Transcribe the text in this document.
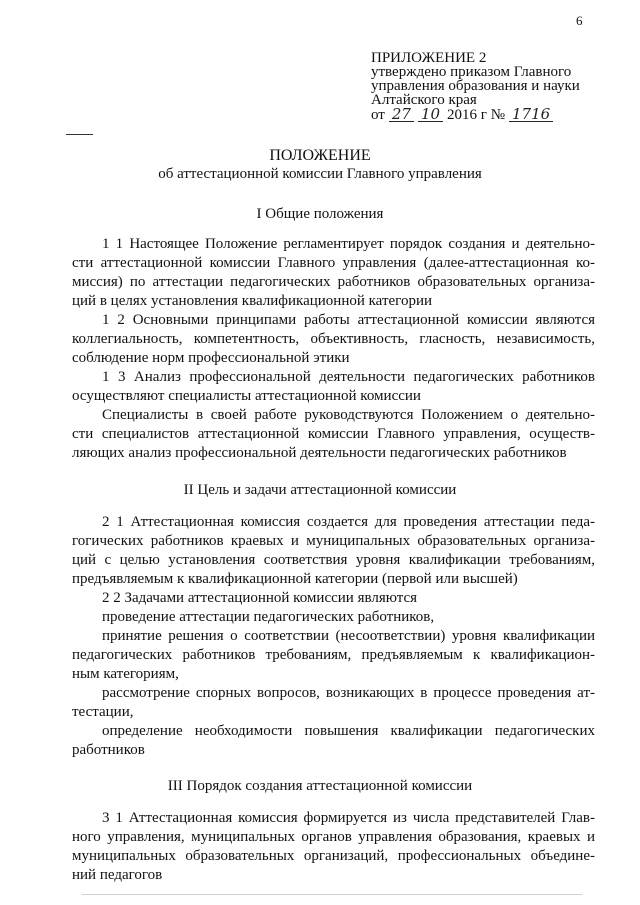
6
ПРИЛОЖЕНИЕ 2
утверждено приказом Главного
управления образования и науки
Алтайского края
от 27 10 2016 г № 1716
ПОЛОЖЕНИЕ
об аттестационной комиссии Главного управления
I Общие положения
1 1 Настоящее Положение регламентирует порядок создания и деятельно-
сти аттестационной комиссии Главного управления (далее-аттестационная ко-
миссия) по аттестации педагогических работников образовательных организа-
ций в целях установления квалификационной категории
1 2 Основными принципами работы аттестационной комиссии являются
коллегиальность, компетентность, объективность, гласность, независимость,
соблюдение норм профессиональной этики
1 3 Анализ профессиональной деятельности педагогических работников
осуществляют специалисты аттестационной комиссии
Специалисты в своей работе руководствуются Положением о деятельно-
сти специалистов аттестационной комиссии Главного управления, осуществ-
ляющих анализ профессиональной деятельности педагогических работников
II Цель и задачи аттестационной комиссии
2 1 Аттестационная комиссия создается для проведения аттестации педа-
гогических работников краевых и муниципальных образовательных организа-
ций с целью установления соответствия уровня квалификации требованиям,
предъявляемым к квалификационной категории (первой или высшей)
2 2 Задачами аттестационной комиссии являются
проведение аттестации педагогических работников,
принятие решения о соответствии (несоответствии) уровня квалификации
педагогических работников требованиям, предъявляемым к квалификацион-
ным категориям,
рассмотрение спорных вопросов, возникающих в процессе проведения ат-
тестации,
определение необходимости повышения квалификации педагогических
работников
III Порядок создания аттестационной комиссии
3 1 Аттестационная комиссия формируется из числа представителей Глав-
ного управления, муниципальных органов управления образования, краевых и
муниципальных образовательных организаций, профессиональных объедине-
ний педагогов
